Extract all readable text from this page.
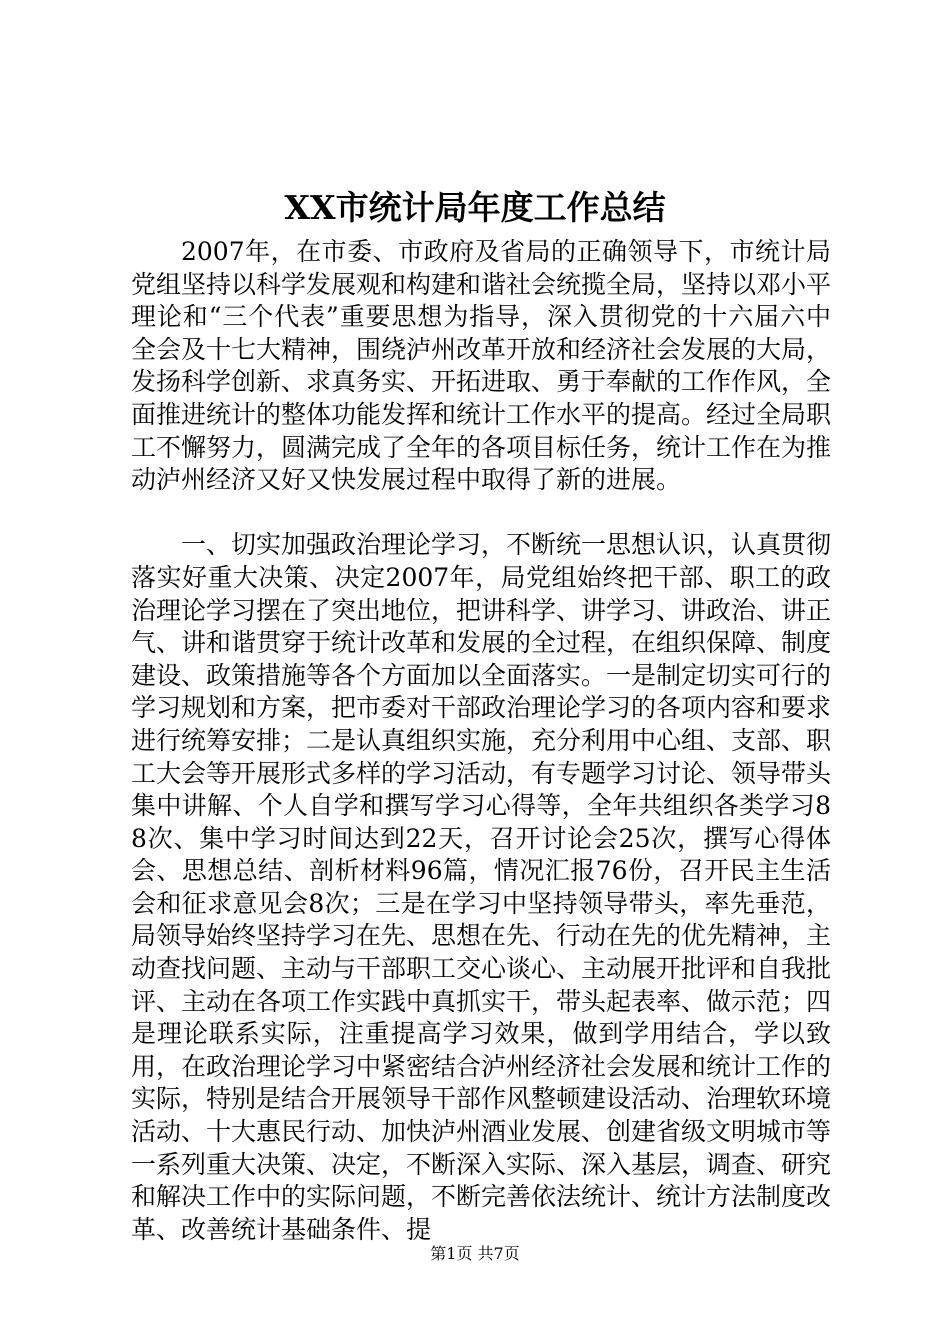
XX市统计局年度工作总结

2007年，在市委、市政府及省局的正确领导下，市统计局党组坚持以科学发展观和构建和谐社会统揽全局，坚持以邓小平理论和“三个代表”重要思想为指导，深入贯彻党的十六届六中全会及十七大精神，围绕泸州改革开放和经济社会发展的大局，发扬科学创新、求真务实、开拓进取、勇于奉献的工作作风，全面推进统计的整体功能发挥和统计工作水平的提高。经过全局职工不懈努力，圆满完成了全年的各项目标任务，统计工作在为推动泸州经济又好又快发展过程中取得了新的进展。

一、切实加强政治理论学习，不断统一思想认识，认真贯彻落实好重大决策、决定2007年，局党组始终把干部、职工的政治理论学习摆在了突出地位，把讲科学、讲学习、讲政治、讲正气、讲和谐贯穿于统计改革和发展的全过程，在组织保障、制度建设、政策措施等各个方面加以全面落实。一是制定切实可行的学习规划和方案，把市委对干部政治理论学习的各项内容和要求进行统筹安排；二是认真组织实施，充分利用中心组、支部、职工大会等开展形式多样的学习活动，有专题学习讨论、领导带头集中讲解、个人自学和撰写学习心得等，全年共组织各类学习88次、集中学习时间达到22天，召开讨论会25次，撰写心得体会、思想总结、剖析材料96篇，情况汇报76份，召开民主生活会和征求意见会8次；三是在学习中坚持领导带头，率先垂范，局领导始终坚持学习在先、思想在先、行动在先的优先精神，主动查找问题、主动与干部职工交心谈心、主动展开批评和自我批评、主动在各项工作实践中真抓实干，带头起表率、做示范；四是理论联系实际，注重提高学习效果，做到学用结合，学以致用，在政治理论学习中紧密结合泸州经济社会发展和统计工作的实际，特别是结合开展领导干部作风整顿建设活动、治理软环境活动、十大惠民行动、加快泸州酒业发展、创建省级文明城市等一系列重大决策、决定，不断深入实际、深入基层，调查、研究和解决工作中的实际问题，不断完善依法统计、统计方法制度改革、改善统计基础条件、提

第1页 共7页
